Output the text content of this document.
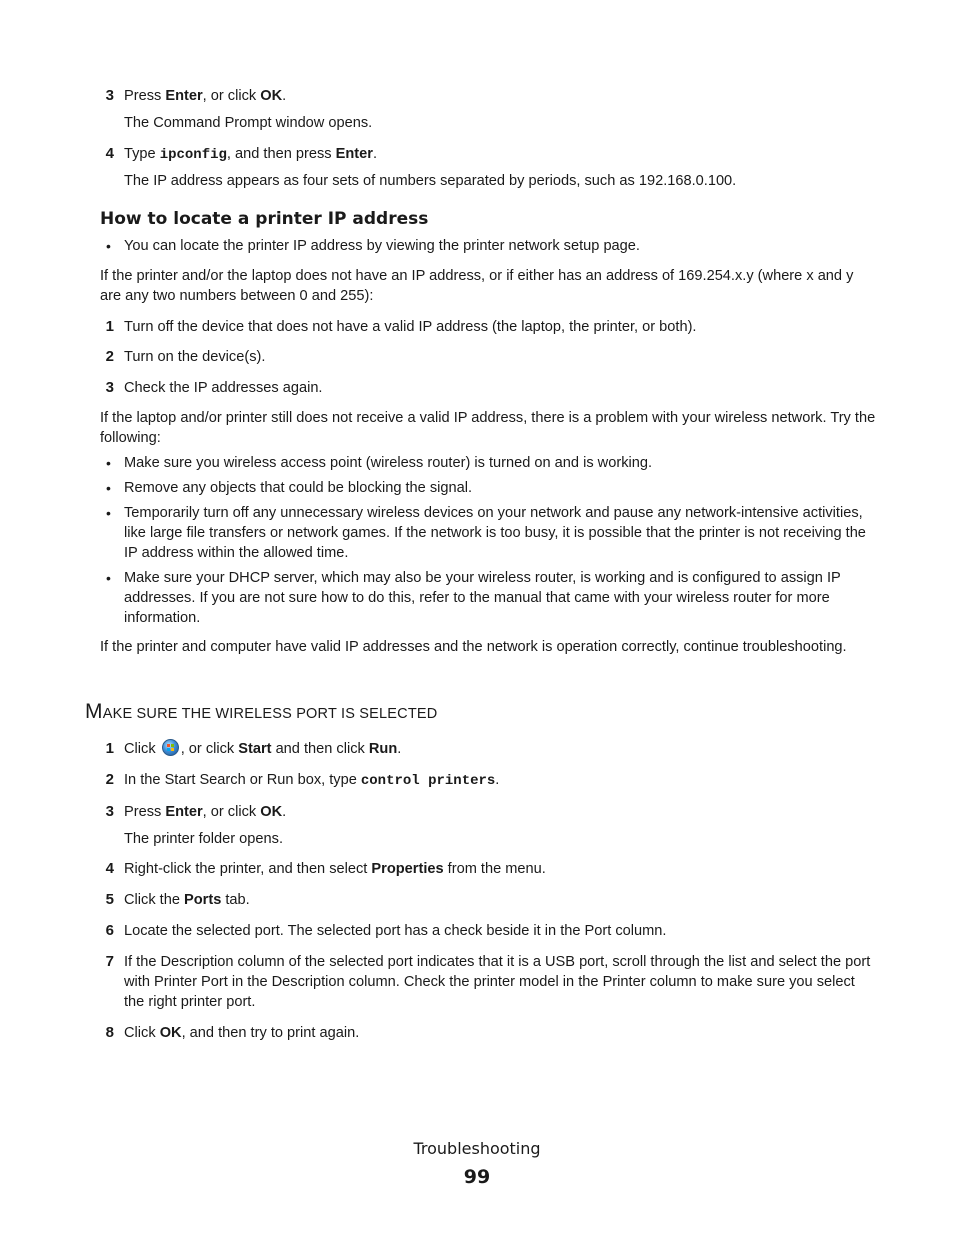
3 Press Enter, or click OK.
The Command Prompt window opens.
4 Type ipconfig, and then press Enter.
The IP address appears as four sets of numbers separated by periods, such as 192.168.0.100.
How to locate a printer IP address
• You can locate the printer IP address by viewing the printer network setup page.
If the printer and/or the laptop does not have an IP address, or if either has an address of 169.254.x.y (where x and y are any two numbers between 0 and 255):
1 Turn off the device that does not have a valid IP address (the laptop, the printer, or both).
2 Turn on the device(s).
3 Check the IP addresses again.
If the laptop and/or printer still does not receive a valid IP address, there is a problem with your wireless network. Try the following:
• Make sure you wireless access point (wireless router) is turned on and is working.
• Remove any objects that could be blocking the signal.
• Temporarily turn off any unnecessary wireless devices on your network and pause any network-intensive activities, like large file transfers or network games. If the network is too busy, it is possible that the printer is not receiving the IP address within the allowed time.
• Make sure your DHCP server, which may also be your wireless router, is working and is configured to assign IP addresses. If you are not sure how to do this, refer to the manual that came with your wireless router for more information.
If the printer and computer have valid IP addresses and the network is operation correctly, continue troubleshooting.
MAKE SURE THE WIRELESS PORT IS SELECTED
1 Click , or click Start and then click Run.
2 In the Start Search or Run box, type control printers.
3 Press Enter, or click OK.
The printer folder opens.
4 Right-click the printer, and then select Properties from the menu.
5 Click the Ports tab.
6 Locate the selected port. The selected port has a check beside it in the Port column.
7 If the Description column of the selected port indicates that it is a USB port, scroll through the list and select the port with Printer Port in the Description column. Check the printer model in the Printer column to make sure you select the right printer port.
8 Click OK, and then try to print again.
Troubleshooting
99
